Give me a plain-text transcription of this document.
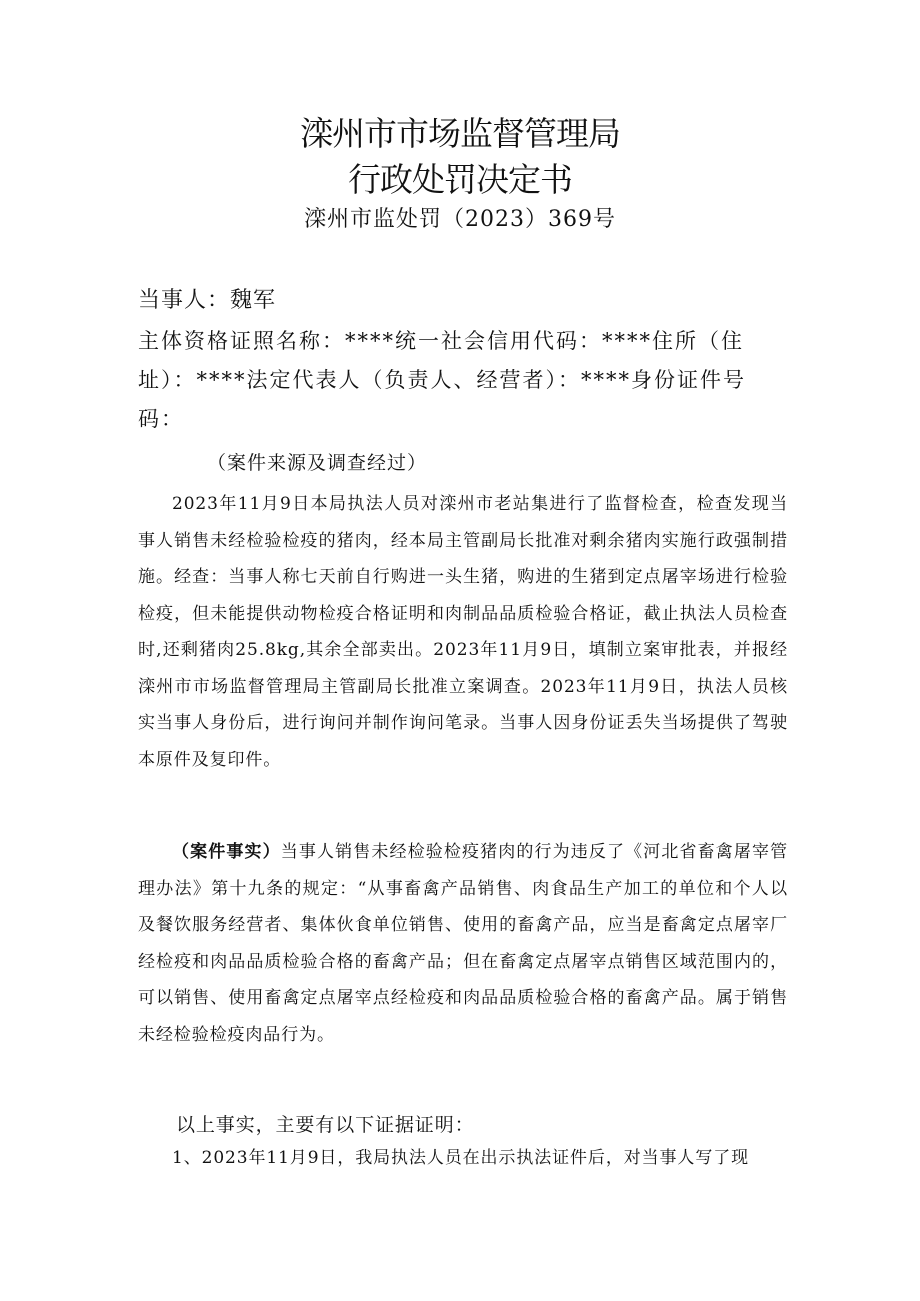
滦州市市场监督管理局
行政处罚决定书
滦州市监处罚（2023）369号
当事人：魏军
主体资格证照名称：****统一社会信用代码：****住所（住址）：****法定代表人（负责人、经营者）：****身份证件号码：
（案件来源及调查经过）
2023年11月9日本局执法人员对滦州市老站集进行了监督检查，检查发现当事人销售未经检验检疫的猪肉，经本局主管副局长批准对剩余猪肉实施行政强制措施。经查：当事人称七天前自行购进一头生猪，购进的生猪到定点屠宰场进行检验检疫，但未能提供动物检疫合格证明和肉制品品质检验合格证，截止执法人员检查时,还剩猪肉25.8kg,其余全部卖出。2023年11月9日，填制立案审批表，并报经滦州市市场监督管理局主管副局长批准立案调查。2023年11月9日，执法人员核实当事人身份后，进行询问并制作询问笔录。当事人因身份证丢失当场提供了驾驶本原件及复印件。
（案件事实）当事人销售未经检验检疫猪肉的行为违反了《河北省畜禽屠宰管理办法》第十九条的规定：“从事畜禽产品销售、肉食品生产加工的单位和个人以及餐饮服务经营者、集体伙食单位销售、使用的畜禽产品，应当是畜禽定点屠宰厂经检疫和肉品品质检验合格的畜禽产品；但在畜禽定点屠宰点销售区域范围内的，可以销售、使用畜禽定点屠宰点经检疫和肉品品质检验合格的畜禽产品。属于销售未经检验检疫肉品行为。
以上事实，主要有以下证据证明：
1、2023年11月9日，我局执法人员在出示执法证件后，对当事人写了现
